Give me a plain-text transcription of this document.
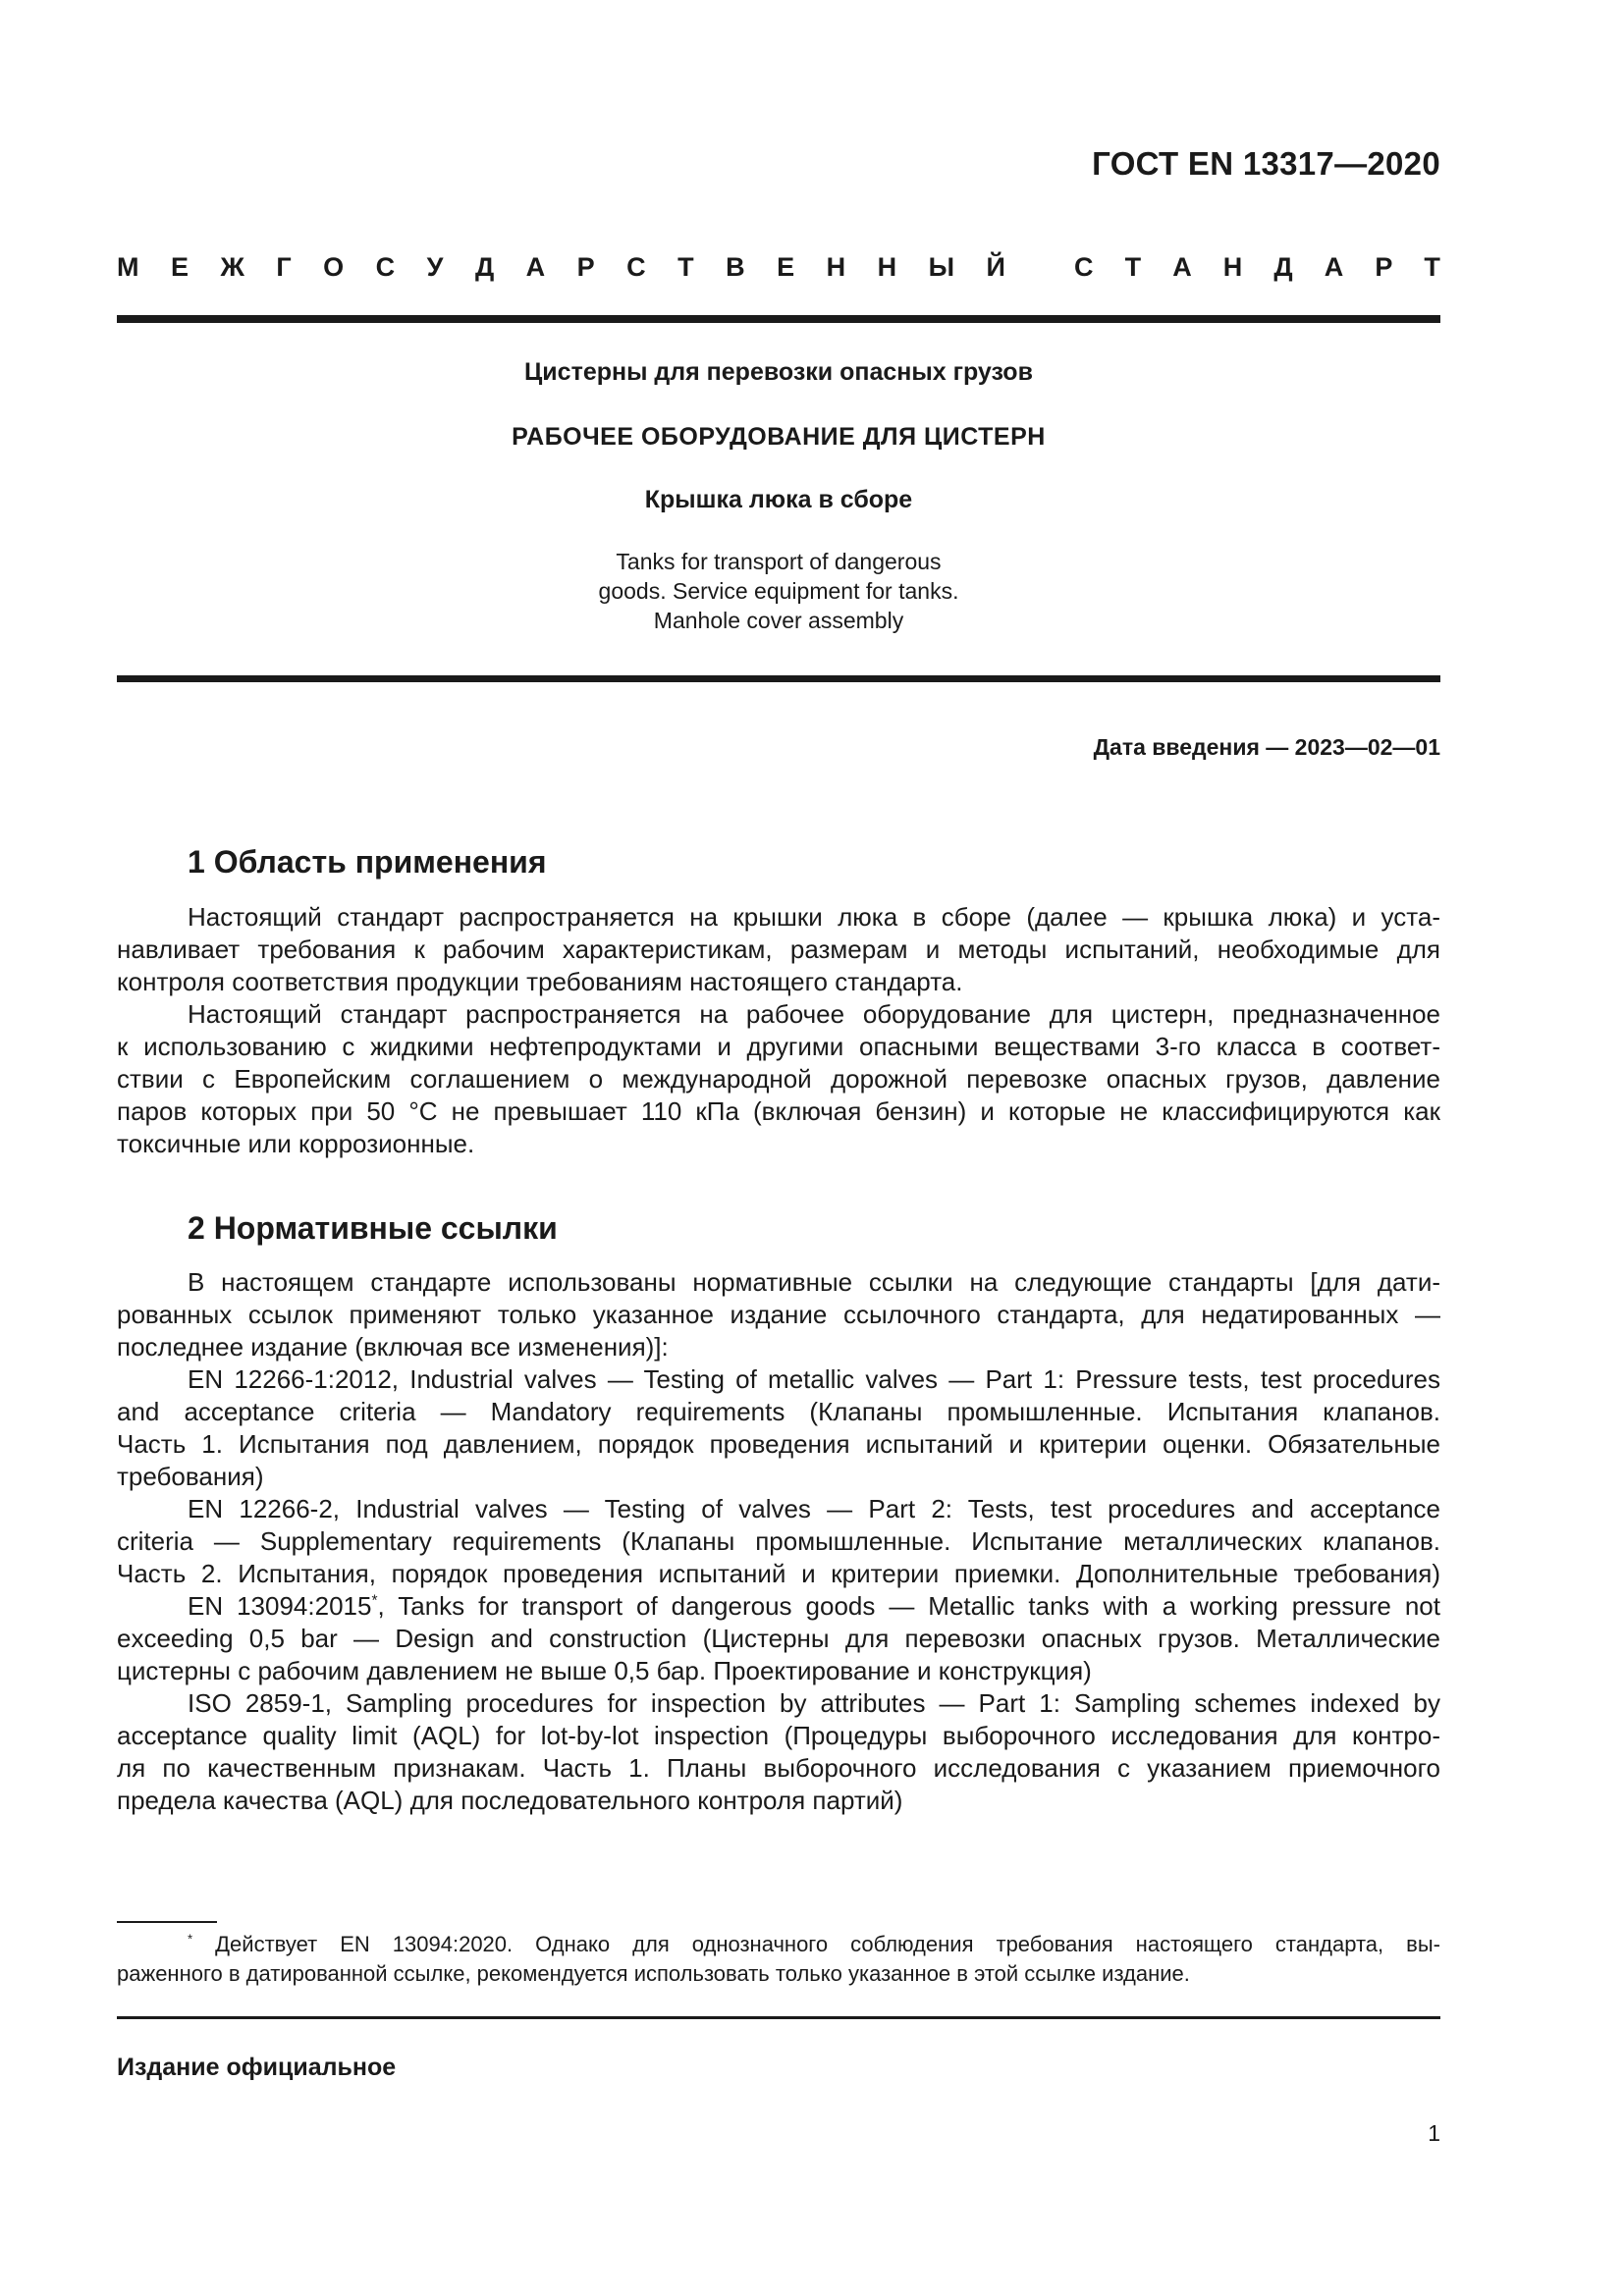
ГОСТ EN 13317—2020
М Е Ж Г О С У Д А Р С Т В Е Н Н Ы Й	С Т А Н Д А Р Т
Цистерны для перевозки опасных грузов
РАБОЧЕЕ ОБОРУДОВАНИЕ ДЛЯ ЦИСТЕРН
Крышка люка в сборе
Tanks for transport of dangerous
goods. Service equipment for tanks.
Manhole cover assembly
Дата введения — 2023—02—01
1 Область применения
Настоящий стандарт распространяется на крышки люка в сборе (далее — крышка люка) и уста-
навливает требования к рабочим характеристикам, размерам и методы испытаний, необходимые для
контроля соответствия продукции требованиям настоящего стандарта.
Настоящий стандарт распространяется на рабочее оборудование для цистерн, предназначенное
к использованию с жидкими нефтепродуктами и другими опасными веществами 3-го класса в соответ-
ствии с Европейским соглашением о международной дорожной перевозке опасных грузов, давление
паров которых при 50 °C не превышает 110 кПа (включая бензин) и которые не классифицируются как
токсичные или коррозионные.
2 Нормативные ссылки
В настоящем стандарте использованы нормативные ссылки на следующие стандарты [для дати-
рованных ссылок применяют только указанное издание ссылочного стандарта, для недатированных —
последнее издание (включая все изменения)]:
EN 12266-1:2012, Industrial valves — Testing of metallic valves — Part 1: Pressure tests, test procedures
and acceptance criteria — Mandatory requirements (Клапаны промышленные. Испытания клапанов.
Часть 1. Испытания под давлением, порядок проведения испытаний и критерии оценки. Обязательные
требования)
EN 12266-2, Industrial valves — Testing of valves — Part 2: Tests, test procedures and acceptance
criteria — Supplementary requirements (Клапаны промышленные. Испытание металлических клапанов.
Часть 2. Испытания, порядок проведения испытаний и критерии приемки. Дополнительные требования)
EN 13094:2015*, Tanks for transport of dangerous goods — Metallic tanks with a working pressure not
exceeding 0,5 bar — Design and construction (Цистерны для перевозки опасных грузов. Металлические
цистерны с рабочим давлением не выше 0,5 бар. Проектирование и конструкция)
ISO 2859-1, Sampling procedures for inspection by attributes — Part 1: Sampling schemes indexed by
acceptance quality limit (AQL) for lot-by-lot inspection (Процедуры выборочного исследования для контро-
ля по качественным признакам. Часть 1. Планы выборочного исследования с указанием приемочного
предела качества (AQL) для последовательного контроля партий)
* Действует EN 13094:2020. Однако для однозначного соблюдения требования настоящего стандарта, вы-
раженного в датированной ссылке, рекомендуется использовать только указанное в этой ссылке издание.
Издание официальное
1
